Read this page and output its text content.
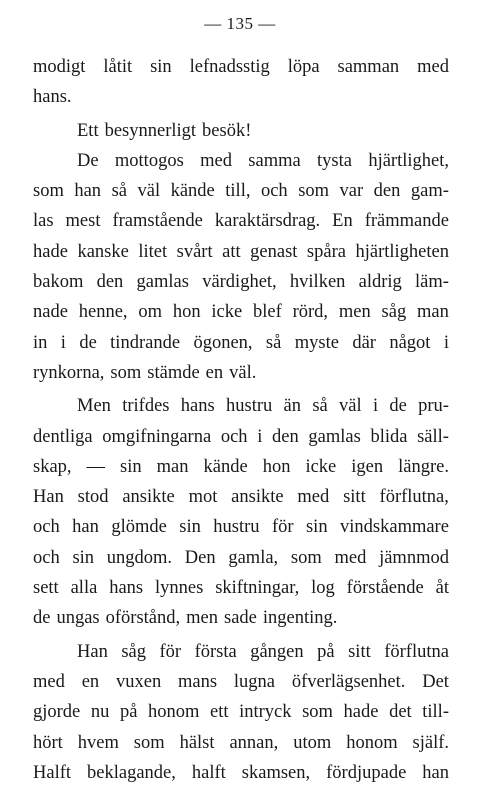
— 135 —
modigt låtit sin lefnadsstig löpa samman med
hans.
Ett besynnerligt besök!
De mottogos med samma tysta hjärtlighet,
som han så väl kände till, och som var den gam-
las mest framstående karaktärsdrag. En främmande
hade kanske litet svårt att genast spåra hjärtligheten
bakom den gamlas värdighet, hvilken aldrig läm-
nade henne, om hon icke blef rörd, men såg man
in i de tindrande ögonen, så myste där något i
rynkorna, som stämde en väl.
Men trifdes hans hustru än så väl i de pru-
dentliga omgifningarna och i den gamlas blida säll-
skap, — sin man kände hon icke igen längre.
Han stod ansikte mot ansikte med sitt förflutna,
och han glömde sin hustru för sin vindskammare
och sin ungdom. Den gamla, som med jämnmod
sett alla hans lynnes skiftningar, log förstående åt
de ungas oförstånd, men sade ingenting.
Han såg för första gången på sitt förflutna
med en vuxen mans lugna öfverlägsenhet. Det
gjorde nu på honom ett intryck som hade det till-
hört hvem som hälst annan, utom honom själf.
Halft beklagande, halft skamsen, fördjupade han
